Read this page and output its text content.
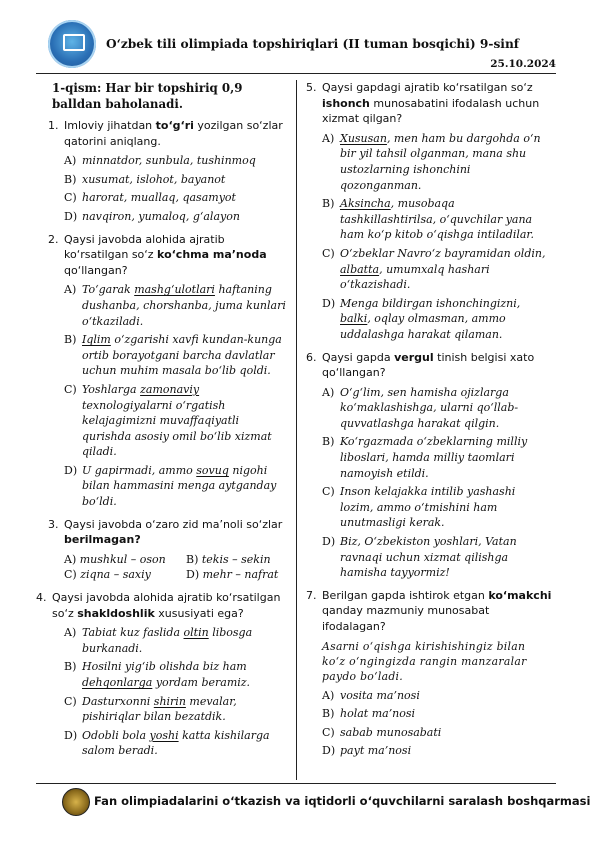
O‘zbek tili olimpiada topshiriqlari (II tuman bosqichi) 9-sinf
25.10.2024
1-qism: Har bir topshiriq 0,9 balldan baholanadi.
1. Imloviy jihatdan to‘g‘ri yozilgan so‘zlar qatorini aniqlang.
A) minnatdor, sunbula, tushinmoq
B) xusumat, islohot, bayanot
C) harorat, muallaq, qasamyot
D) navqiron, yumaloq, g‘alayon
2. Qaysi javobda alohida ajratib ko‘rsatilgan so‘z ko‘chma ma’noda qo‘llangan?
A) To‘garak mashg‘ulotlari haftaning dushanba, chorshanba, juma kunlari o‘tkaziladi.
B) Iqlim o‘zgarishi xavfi kundan-kunga ortib borayotgani barcha davlatlar uchun muhim masala bo‘lib qoldi.
C) Yoshlarga zamonaviy texnologiyalarni o‘rgatish kelajagimizni muvaffaqiyatli qurishda asosiy omil bo‘lib xizmat qiladi.
D) U gapirmadi, ammo sovuq nigohi bilan hammasini menga aytganday bo‘ldi.
3. Qaysi javobda o‘zaro zid ma’noli so‘zlar berilmagan?
A) mushkul – oson	B) tekis – sekin
C) ziqna – saxiy	D) mehr – nafrat
4. Qaysi javobda alohida ajratib ko‘rsatilgan so‘z shakldoshlik xususiyati ega?
A) Tabiat kuz faslida oltin libosga burkanadi.
B) Hosilni yig‘ib olishda biz ham dehqonlarga yordam beramiz.
C) Dasturxonni shirin mevalar, pishiriqlar bilan bezatdik.
D) Odobli bola yoshi katta kishilarga salom beradi.
5. Qaysi gapdagi ajratib ko‘rsatilgan so‘z ishonch munosabatini ifodalash uchun xizmat qilgan?
A) Xususan, men ham bu dargohda o‘n bir yil tahsil olganman, mana shu ustozlarning ishonchini qozonganman.
B) Aksincha, musobaqa tashkillashtirilsa, o‘quvchilar yana ham ko‘p kitob o‘qishga intiladilar.
C) O‘zbeklar Navro‘z bayramidan oldin, albatta, umumxalq hashari o‘tkazishadi.
D) Menga bildirgan ishonchingizni, balki, oqlay olmasman, ammo uddalashga harakat qilaman.
6. Qaysi gapda vergul tinish belgisi xato qo‘llangan?
A) O‘g‘lim, sen hamisha ojizlarga ko‘maklashishga, ularni qo‘llab-quvvatlashga harakat qilgin.
B) Ko‘rgazmada o‘zbeklarning milliy liboslari, hamda milliy taomlari namoyish etildi.
C) Inson kelajakka intilib yashashi lozim, ammo o‘tmishini ham unutmasligi kerak.
D) Biz, O‘zbekiston yoshlari, Vatan ravnaqi uchun xizmat qilishga hamisha tayyormiz!
7. Berilgan gapda ishtirok etgan ko‘makchi qanday mazmuniy munosabat ifodalagan?
Asarni o‘qishga kirishishingiz bilan ko‘z o‘ngingizda rangin manzaralar paydo bo‘ladi.
A) vosita ma’nosi
B) holat ma’nosi
C) sabab munosabati
D) payt ma’nosi
Fan olimpiadalarini o‘tkazish va iqtidorli o‘quvchilarni saralash boshqarmasi
